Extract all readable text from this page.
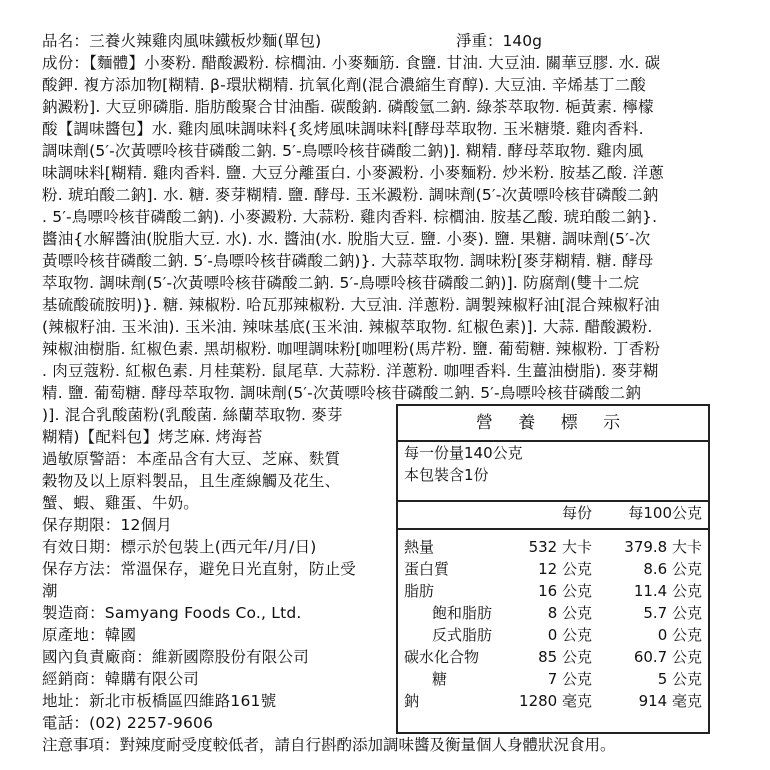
品名：三養火辣雞肉風味鐵板炒麵(單包)	淨重：140g
成份：【麵體】小麥粉. 醋酸澱粉. 棕櫚油. 小麥麵筋. 食鹽. 甘油. 大豆油. 關華豆膠. 水. 碳
酸鉀. 複方添加物[糊精. β-環狀糊精. 抗氧化劑(混合濃縮生育醇). 大豆油. 辛烯基丁二酸
鈉澱粉]. 大豆卵磷脂. 脂肪酸聚合甘油酯. 碳酸鈉. 磷酸氫二鈉. 綠茶萃取物. 梔黃素. 檸檬
酸【調味醬包】水. 雞肉風味調味料{炙烤風味調味料[酵母萃取物. 玉米糖漿. 雞肉香料.
調味劑(5′-次黃嘌呤核苷磷酸二鈉. 5′-鳥嘌呤核苷磷酸二鈉)]. 糊精. 酵母萃取物. 雞肉風
味調味料[糊精. 雞肉香料. 鹽. 大豆分離蛋白. 小麥澱粉. 小麥麵粉. 炒米粉. 胺基乙酸. 洋蔥
粉. 琥珀酸二鈉]. 水. 糖. 麥芽糊精. 鹽. 酵母. 玉米澱粉. 調味劑(5′-次黃嘌呤核苷磷酸二鈉
. 5′-鳥嘌呤核苷磷酸二鈉). 小麥澱粉. 大蒜粉. 雞肉香料. 棕櫚油. 胺基乙酸. 琥珀酸二鈉}.
醬油{水解醬油(脫脂大豆. 水). 水. 醬油(水. 脫脂大豆. 鹽. 小麥). 鹽. 果糖. 調味劑(5′-次
黃嘌呤核苷磷酸二鈉. 5′-鳥嘌呤核苷磷酸二鈉)}. 大蒜萃取物. 調味粉[麥芽糊精. 糖. 酵母
萃取物. 調味劑(5′-次黃嘌呤核苷磷酸二鈉. 5′-鳥嘌呤核苷磷酸二鈉)]. 防腐劑(雙十二烷
基硫酸硫胺明)}. 糖. 辣椒粉. 哈瓦那辣椒粉. 大豆油. 洋蔥粉. 調製辣椒籽油[混合辣椒籽油
(辣椒籽油. 玉米油). 玉米油. 辣味基底(玉米油. 辣椒萃取物. 紅椒色素)]. 大蒜. 醋酸澱粉.
辣椒油樹脂. 紅椒色素. 黑胡椒粉. 咖哩調味粉[咖哩粉(馬芹粉. 鹽. 葡萄糖. 辣椒粉. 丁香粉
. 肉豆蔻粉. 紅椒色素. 月桂葉粉. 鼠尾草. 大蒜粉. 洋蔥粉. 咖哩香料. 生薑油樹脂). 麥芽糊
精. 鹽. 葡萄糖. 酵母萃取物. 調味劑(5′-次黃嘌呤核苷磷酸二鈉. 5′-鳥嘌呤核苷磷酸二鈉
)]. 混合乳酸菌粉(乳酸菌. 絲蘭萃取物. 麥芽
糊精)【配料包】烤芝麻. 烤海苔
過敏原警語：本產品含有大豆、芝麻、麩質
穀物及以上原料製品，且生產線觸及花生、
蟹、蝦、雞蛋、牛奶。
保存期限：12個月
有效日期：標示於包裝上(西元年/月/日)
保存方法：常溫保存，避免日光直射，防止受
潮
製造商：Samyang Foods Co., Ltd.
原產地：韓國
國內負責廠商：維新國際股份有限公司
經銷商：韓購有限公司
地址：新北市板橋區四維路161號
電話：(02) 2257-9606
注意事項：對辣度耐受度較低者，請自行斟酌添加調味醬及衡量個人身體狀況食用。
營 養 標 示
每一份量140公克
本包裝含1份
每份 每100公克
熱量	532 大卡 379.8 大卡
蛋白質	12 公克	8.6 公克
脂肪	16 公克	11.4 公克
飽和脂肪	8 公克	5.7 公克
反式脂肪	0 公克	0 公克
碳水化合物	85 公克	60.7 公克
糖	7 公克	5 公克
鈉	1280 毫克	914 毫克
